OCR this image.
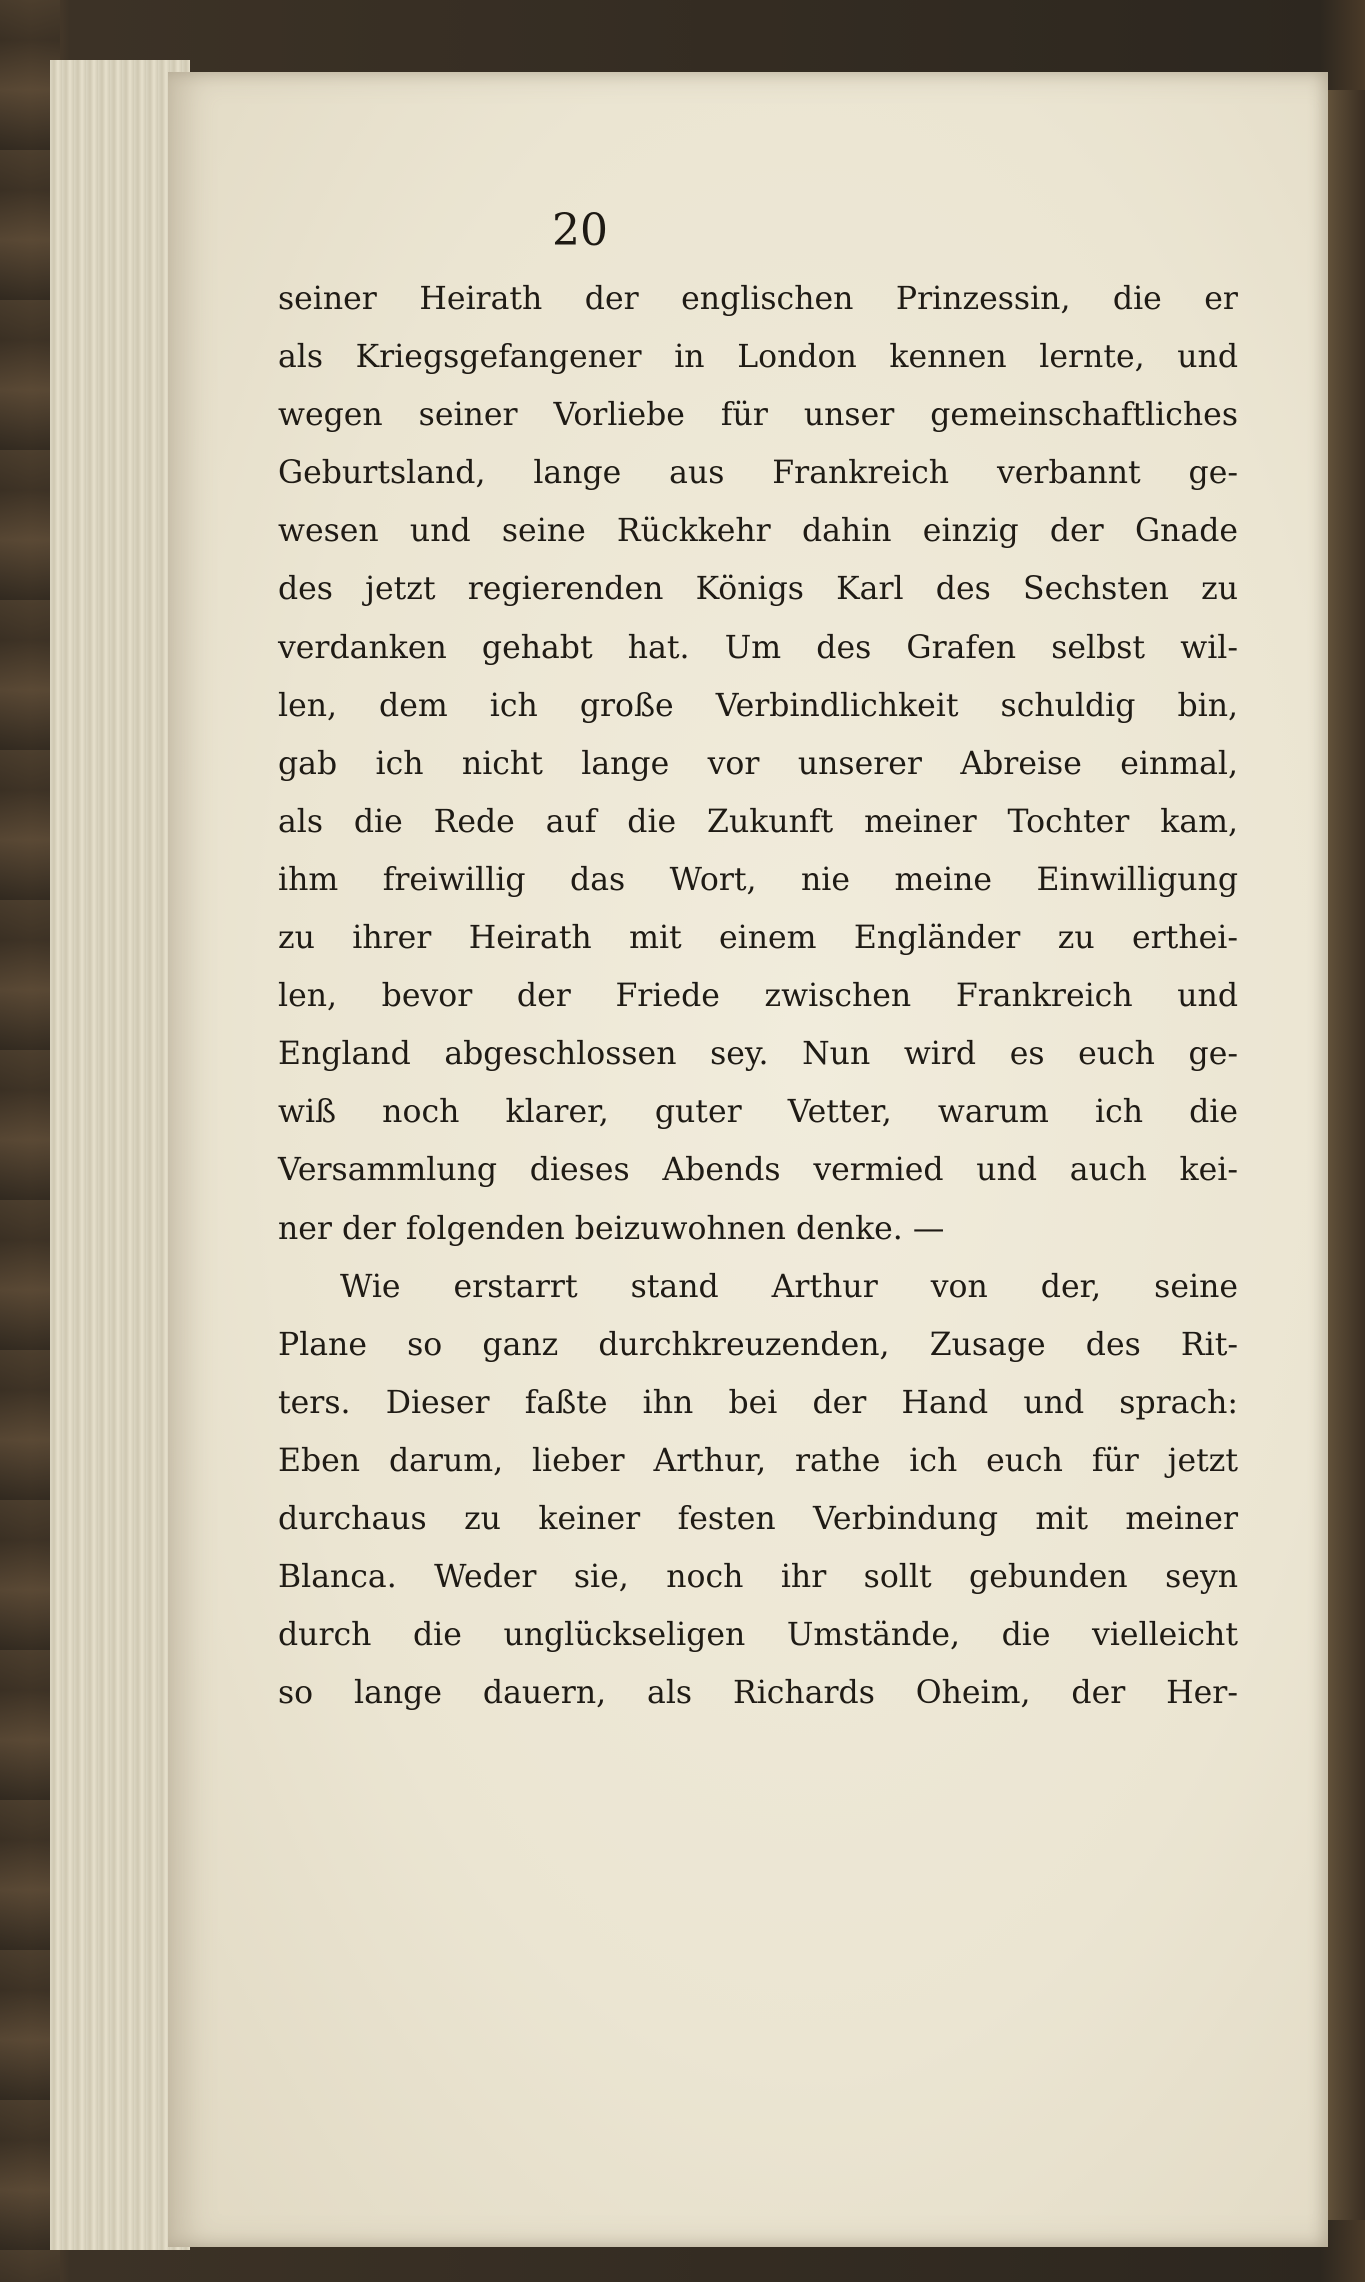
20
seiner Heirath der englischen Prinzessin, die er
als Kriegsgefangener in London kennen lernte, und
wegen seiner Vorliebe für unser gemeinschaftliches
Geburtsland, lange aus Frankreich verbannt ge-
wesen und seine Rückkehr dahin einzig der Gnade
des jetzt regierenden Königs Karl des Sechsten zu
verdanken gehabt hat. Um des Grafen selbst wil-
len, dem ich große Verbindlichkeit schuldig bin,
gab ich nicht lange vor unserer Abreise einmal,
als die Rede auf die Zukunft meiner Tochter kam,
ihm freiwillig das Wort, nie meine Einwilligung
zu ihrer Heirath mit einem Engländer zu erthei-
len, bevor der Friede zwischen Frankreich und
England abgeschlossen sey. Nun wird es euch ge-
wiß noch klarer, guter Vetter, warum ich die
Versammlung dieses Abends vermied und auch kei-
ner der folgenden beizuwohnen denke. —
Wie erstarrt stand Arthur von der, seine
Plane so ganz durchkreuzenden, Zusage des Rit-
ters. Dieser faßte ihn bei der Hand und sprach:
Eben darum, lieber Arthur, rathe ich euch für jetzt
durchaus zu keiner festen Verbindung mit meiner
Blanca. Weder sie, noch ihr sollt gebunden seyn
durch die unglückseligen Umstände, die vielleicht
so lange dauern, als Richards Oheim, der Her-
